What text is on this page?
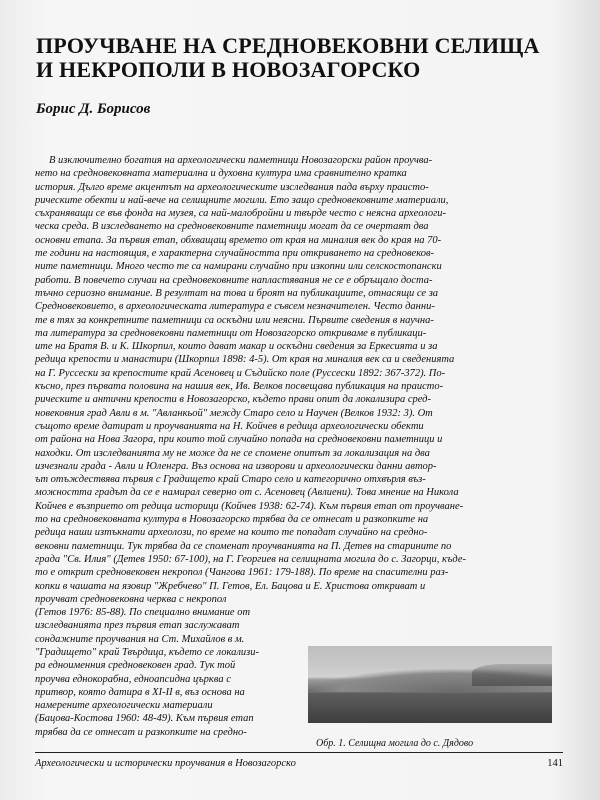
ПРОУЧВАНЕ НА СРЕДНОВЕКОВНИ СЕЛИЩА
И НЕКРОПОЛИ В НОВОЗАГОРСКО
Борис Д. Борисов
В изключително богатия на археологически паметници Новозагорски район проучва-
нето на средновековната материална и духовна култура има сравнително кратка
история. Дълго време акцентът на археологическите изследвания пада върху праисто-
рическите обекти и най-вече на селищните могили. Ето защо средновековните материали,
съхраняващи се във фонда на музея, са най-малобройни и твърде често с неясна археологи-
ческа среда. В изследването на средновековните паметници могат да се очертаят два
основни етапа. За първия етап, обхващащ времето от края на миналия век до края на 70-
те години на настоящия, е характерна случайността при откриването на средновеков-
ните паметници. Много често те са намирани случайно при изкопни или селскостопански
работи. В повечето случаи на средновековните напластявания не се е обръщало доста-
тъчно сериозно внимание. В резултат на това и броят на публикациите, отнасящи се за
Средновековието, в археологическата литература е съвсем незначителен. Често данни-
те в тях за конкретните паметници са оскъдни или неясни. Първите сведения в научна-
та литература за средновековни паметници от Новозагорско откриваме в публикаци-
ите на Братя В. и К. Шкорпил, които дават макар и оскъдни сведения за Еркесията и за
редица крепости и манастири (Шкорпил 1898: 4-5). От края на миналия век са и сведенията
на Г. Руссески за крепостите край Асеновец и Съдийско поле (Руссески 1892: 367-372). По-
късно, през първата половина на нашия век, Ив. Велков посвещава публикация на праисто-
рическите и антични крепости в Новозагорско, където прави опит да локализира сред-
новековния град Авли в м. "Авланкьой" между Старо село и Научен (Велков 1932: 3). От
същото време датират и проучванията на Н. Койчев в редица археологически обекти
от района на Нова Загора, при които той случайно попада на средновековни паметници и
находки. От изследванията му не може да не се спомене опитът за локализация на два
изчезнали града - Авли и Юленгра. Въз основа на изворови и археологически данни автор-
ът отъждествява първия с Градището край Старо село и категорично отхвърля въз-
можността градът да се е намирал северно от с. Асеновец (Авлиени). Това мнение на Никола
Койчев е възприето от редица историци (Койчев 1938: 62-74). Към първия етап от проучване-
то на средновековната култура в Новозагорско трябва да се отнесат и разкопките на
редица наши изтъкнати археолози, по време на които те попадат случайно на средно-
вековни паметници. Тук трябва да се споменат проучванията на П. Детев на старините по
града "Св. Илия" (Детев 1950: 67-100), на Г. Георгиев на селищната могила до с. Загорци, къде-
то е открит средновековен некропол (Чангова 1961: 179-188). По време на спасителни раз-
копки в чашата на язовир "Жребчево" П. Гетов, Ел. Бацова и Е. Христова откриват и
проучват средновековна черква с некропол
(Гетов 1976: 85-88). По специално внимание от
изследванията през първия етап заслужават
сондажните проучвания на Ст. Михайлов в м.
"Градището" край Твърдица, където се локализи-
ра едноименния средновековен град. Тук той
проучва еднокорабна, едноапсидна църква с
притвор, която датира в XI-II в, въз основа на
намерените археологически материали
(Бацова-Костова 1960: 48-49). Към първия етап
трябва да се отнесат и разкопките на средно-
Обр. 1. Селищна могила до с. Дядово
Археологически и исторически проучвания в Новозагорско	141
